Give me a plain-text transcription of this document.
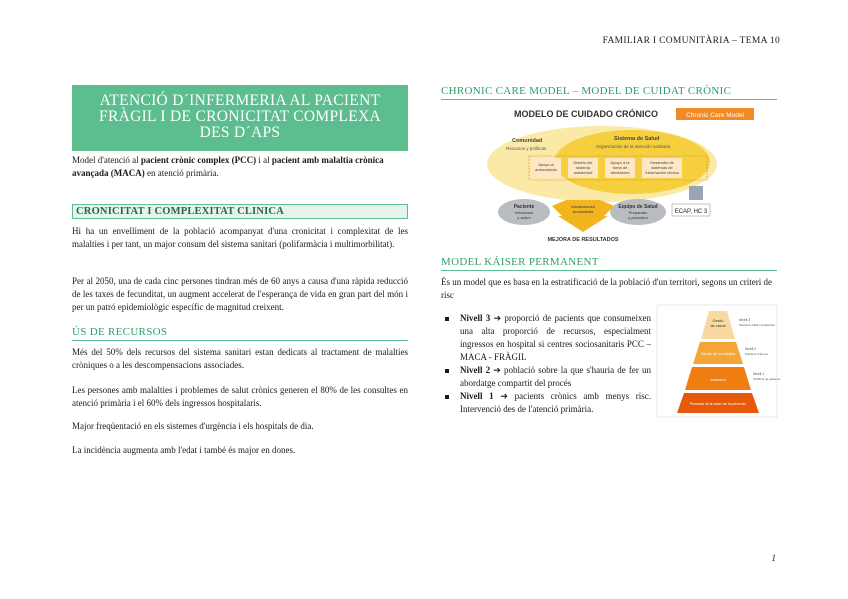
FAMILIAR I COMUNITÀRIA – TEMA 10
ATENCIÓ D´INFERMERIA AL PACIENT
FRÀGIL I DE CRONICITAT COMPLEXA
DES D´APS
Model d'atenció al pacient crònic complex (PCC) i al pacient amb malaltia crònica avançada (MACA) en atenció primària.
CRONICITAT I COMPLEXITAT CLINICA
Hi ha un envelliment de la població acompanyat d'una cronicitat i complexitat de les malalties i per tant, un major consum del sistema sanitari (polifarmàcia i multimorbilitat).
Per al 2050, una de cada cinc persones tindran més de 60 anys a causa d'una ràpida reducció de les taxes de fecunditat, un augment accelerat de l'esperança de vida en gran part del món i per un patró epidemiològic específic de magnitud creixent.
ÚS DE RECURSOS
Més del 50% dels recursos del sistema sanitari estan dedicats al tractament de malalties cròniques o a les descompensacions associades.
Les persones amb malalties i problemes de salut crònics generen el 80% de les consultes en atenció primària i el 60% dels ingressos hospitalaris.
Major freqüentació en els sistemes d'urgència i els hospitals de dia.
La incidència augmenta amb l'edat i també és major en dones.
CHRONIC CARE MODEL – MODEL DE CUIDAT CRÒNIC
MODELO DE CUIDADO CRÓNICO	Chronic Care Model
Comunidad
Recursos y políticas
Sistema de Salud
Organización de la atención sanitaria
Apoyo al
autocuidado
Diseño del
sistema
asistencial
Apoyo a la
toma de
decisiones
Desarrollo de
sistemas de
información clínica
Paciente
Informado
y activo
Equipo de Salud
Preparado
y proactivo
Interacciones
productivas	ECAP, HC 3
MEJORA DE RESULTADOS
MODEL KÁISER PERMANENT
És un model que es basa en la estratificació de la població d'un territori, segons un criteri de risc
Nivell 3 ➔ proporció de pacients que consumeixen una alta proporció de recursos, especialment ingressos en hospital si centres sociosanitaris PCC – MACA - FRÀGIL
Nivell 2 ➔ població sobre la que s'hauria de fer un abordatge compartit del procés
Nivell 1 ➔ pacients crònics amb menys risc. Intervenció des de l'atenció primària.
Gestió
de casos
Gestió de la malaltia
Autocura
Promoció de la salut i de la prevenció
Nivell 3
Pacients d'alta complexitat
Nivell 2
Pacients d'alt risc
Nivell 1
70-80 % de pacients
1
